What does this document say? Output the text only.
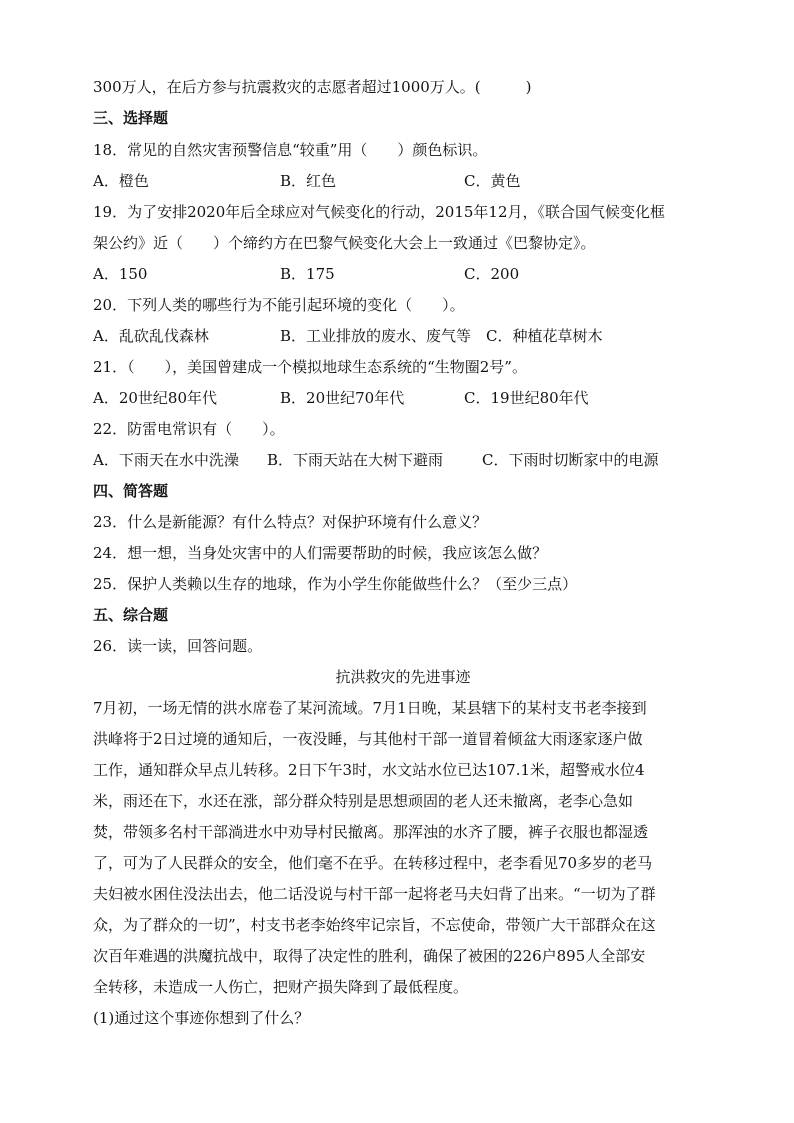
300万人，在后方参与抗震救灾的志愿者超过1000万人。(　　　)
三、选择题
18．常见的自然灾害预警信息“较重”用（　　）颜色标识。
A．橙色	B．红色	C．黄色
19．为了安排2020年后全球应对气候变化的行动，2015年12月，《联合国气候变化框
架公约》近（　　）个缔约方在巴黎气候变化大会上一致通过《巴黎协定》。
A．150	B．175	C．200
20．下列人类的哪些行为不能引起环境的变化（　　）。
A．乱砍乱伐森林	B．工业排放的废水、废气等 C．种植花草树木
21．（　　），美国曾建成一个模拟地球生态系统的“生物圈2号”。
A．20世纪80年代	B．20世纪70年代	C．19世纪80年代
22．防雷电常识有（　　）。
A．下雨天在水中洗澡 B．下雨天站在大树下避雨	C．下雨时切断家中的电源
四、简答题
23．什么是新能源？有什么特点？对保护环境有什么意义？
24．想一想，当身处灾害中的人们需要帮助的时候，我应该怎么做？
25．保护人类赖以生存的地球，作为小学生你能做些什么？（至少三点）
五、综合题
26．读一读，回答问题。
抗洪救灾的先进事迹
7月初，一场无情的洪水席卷了某河流域。7月1日晚，某县辖下的某村支书老李接到
洪峰将于2日过境的通知后，一夜没睡，与其他村干部一道冒着倾盆大雨逐家逐户做
工作，通知群众早点儿转移。2日下午3时，水文站水位已达107.1米，超警戒水位4
米，雨还在下，水还在涨，部分群众特别是思想顽固的老人还未撤离，老李心急如
焚，带领多名村干部淌进水中劝导村民撤离。那浑浊的水齐了腰，裤子衣服也都湿透
了，可为了人民群众的安全，他们毫不在乎。在转移过程中，老李看见70多岁的老马
夫妇被水困住没法出去，他二话没说与村干部一起将老马夫妇背了出来。“一切为了群
众，为了群众的一切”，村支书老李始终牢记宗旨，不忘使命，带领广大干部群众在这
次百年难遇的洪魔抗战中，取得了决定性的胜利，确保了被困的226户895人全部安
全转移，未造成一人伤亡，把财产损失降到了最低程度。
(1)通过这个事迹你想到了什么？
